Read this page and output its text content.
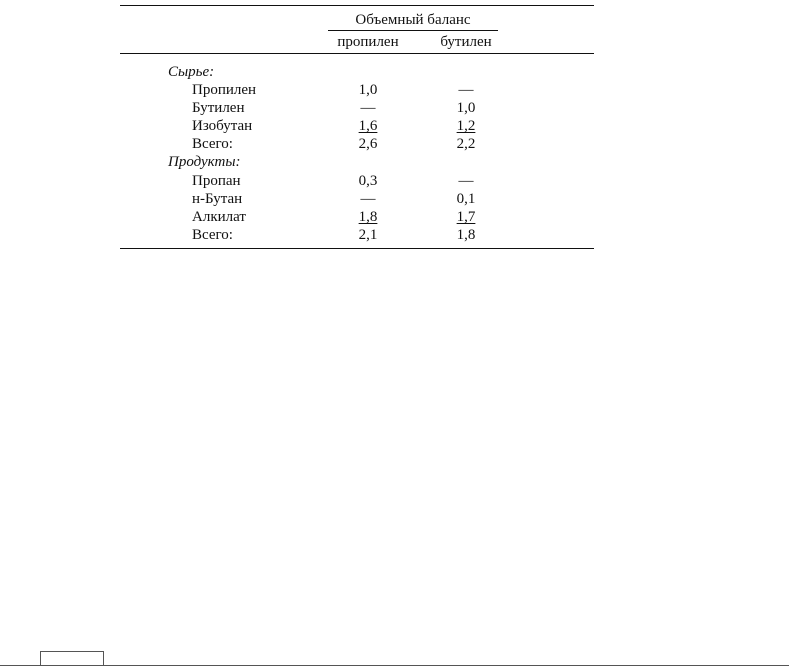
Объемный баланс
пропилен	бутилен
Сырье:
Пропилен	1,0	—
Бутилен	—	1,0
Изобутан	1,6	1,2
Всего:	2,6	2,2
Продукты:
Пропан	0,3	—
н-Бутан	—	0,1
Алкилат	1,8	1,7
Всего:	2,1	1,8
